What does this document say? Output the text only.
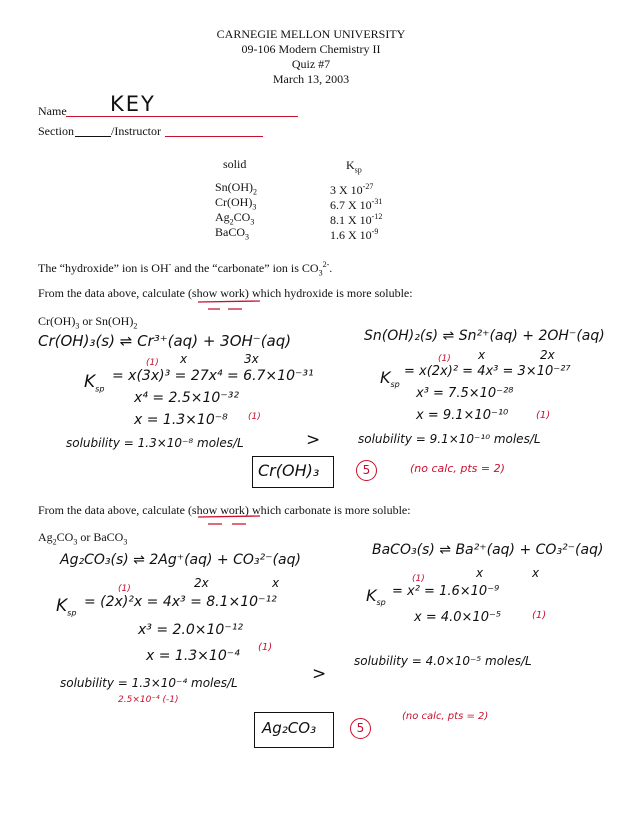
CARNEGIE MELLON UNIVERSITY
09-106 Modern Chemistry II
Quiz #7
March 13, 2003
Name KEY
Section	/Instructor
solid	$K_{sp}$
$Sn(OH)_2$	3 X $10^{-27}$
$Cr(OH)_3$	6.7 X $10^{-31}$
$Ag_2CO_3$	8.1 X $10^{-12}$
BaCO$_3$	1.6 X $10^{-9}$
The “hydroxide” ion is OH- and the “carbonate” ion is $CO_3^{2-}$.
From the data above, calculate (show work) which hydroxide is more soluble:
$Cr(OH)_3$ or $Sn(OH)_2$
Cr(OH)₃(s) ⇌ Cr³⁺(aq) + 3OH⁻(aq)
x	3x
(1)
$K_{sp}$
= x(3x)³ = 27x⁴ = 6.7×10⁻³¹
x⁴ = 2.5×10⁻³²
x = 1.3×10⁻⁸ (1)
solubility = 1.3×10⁻⁸ moles/L	>
Cr(OH)₃	5	(no calc, pts = 2)
Sn(OH)₂(s) ⇌ Sn²⁺(aq) + 2OH⁻(aq)
x	2x
(1)
$K_{sp}$
= x(2x)² = 4x³ = 3×10⁻²⁷
x³ = 7.5×10⁻²⁸
x = 9.1×10⁻¹⁰	(1)
solubility = 9.1×10⁻¹⁰ moles/L
From the data above, calculate (show work) which carbonate is more soluble:
$Ag_2CO_3$ or BaCO$_3$
Ag₂CO₃(s) ⇌ 2Ag⁺(aq) + CO₃²⁻(aq)
2x	x
(1)
$K_{sp}$
= (2x)²x = 4x³ = 8.1×10⁻¹²
x³ = 2.0×10⁻¹²
x = 1.3×10⁻⁴
(1)
solubility = 1.3×10⁻⁴ moles/L
2.5×10⁻⁴ (-1)
>
Ag₂CO₃	5
(no calc, pts = 2)
BaCO₃(s) ⇌ Ba²⁺(aq) + CO₃²⁻(aq)
x	x
(1)
$K_{sp}$
= x² = 1.6×10⁻⁹
x = 4.0×10⁻⁵	(1)
solubility = 4.0×10⁻⁵ moles/L
